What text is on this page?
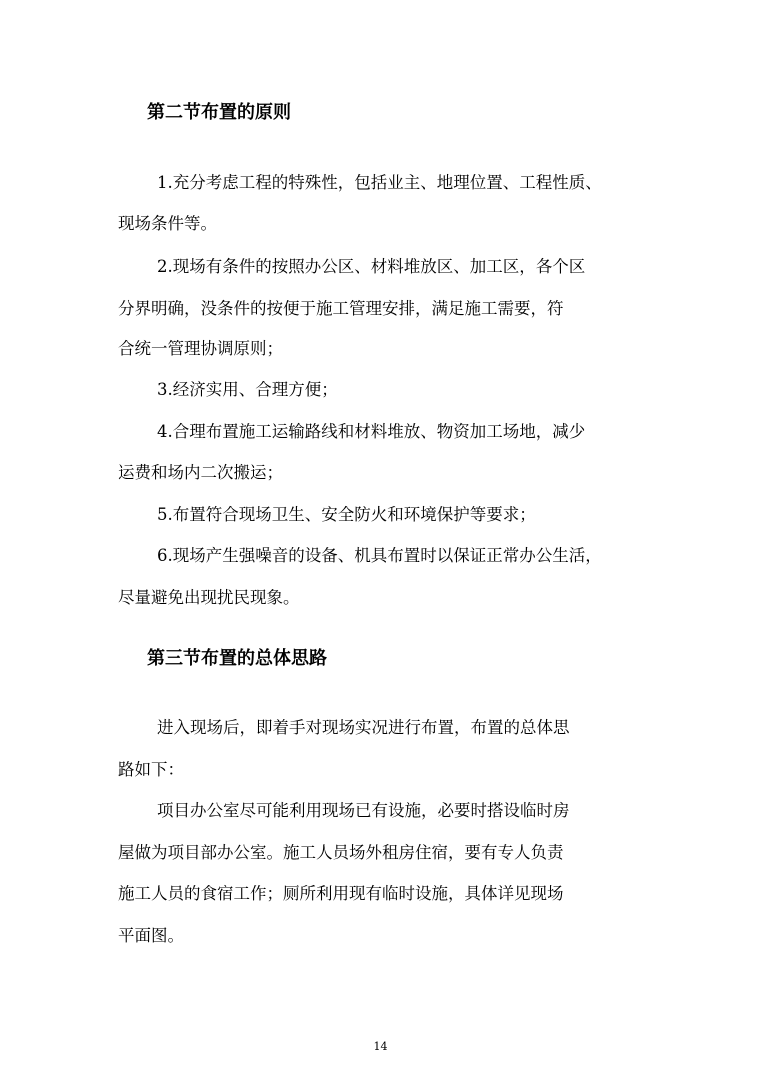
第二节布置的原则

1.充分考虑工程的特殊性，包括业主、地理位置、工程性质、

现场条件等。

2.现场有条件的按照办公区、材料堆放区、加工区，各个区

分界明确，没条件的按便于施工管理安排，满足施工需要，符

合统一管理协调原则；

3.经济实用、合理方便；

4.合理布置施工运输路线和材料堆放、物资加工场地，减少

运费和场内二次搬运；

5.布置符合现场卫生、安全防火和环境保护等要求；

6.现场产生强噪音的设备、机具布置时以保证正常办公生活，

尽量避免出现扰民现象。

第三节布置的总体思路

进入现场后，即着手对现场实况进行布置，布置的总体思

路如下：

项目办公室尽可能利用现场已有设施，必要时搭设临时房

屋做为项目部办公室。施工人员场外租房住宿，要有专人负责

施工人员的食宿工作；厕所利用现有临时设施，具体详见现场

平面图。

14
